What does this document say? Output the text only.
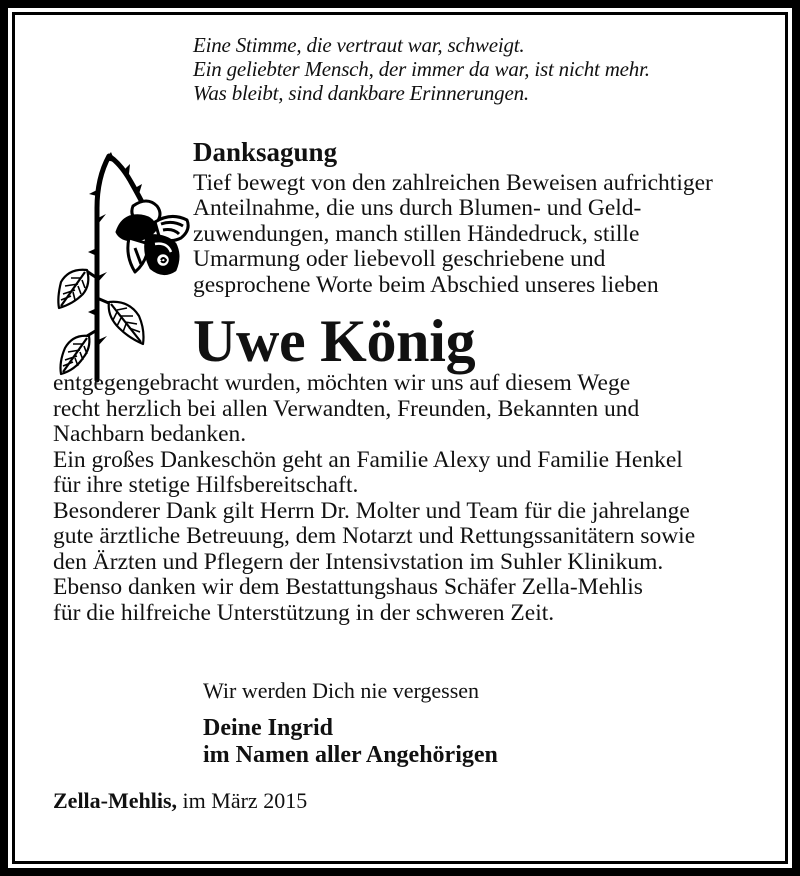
Eine Stimme, die vertraut war, schweigt.
Ein geliebter Mensch, der immer da war, ist nicht mehr.
Was bleibt, sind dankbare Erinnerungen.
Danksagung
Tief bewegt von den zahlreichen Beweisen aufrichtiger
Anteilnahme, die uns durch Blumen- und Geld-
zuwendungen, manch stillen Händedruck, stille
Umarmung oder liebevoll geschriebene und
gesprochene Worte beim Abschied unseres lieben
Uwe König
entgegengebracht wurden, möchten wir uns auf diesem Wege
recht herzlich bei allen Verwandten, Freunden, Bekannten und
Nachbarn bedanken.
Ein großes Dankeschön geht an Familie Alexy und Familie Henkel
für ihre stetige Hilfsbereitschaft.
Besonderer Dank gilt Herrn Dr. Molter und Team für die jahrelange
gute ärztliche Betreuung, dem Notarzt und Rettungssanitätern sowie
den Ärzten und Pflegern der Intensivstation im Suhler Klinikum.
Ebenso danken wir dem Bestattungshaus Schäfer Zella-Mehlis
für die hilfreiche Unterstützung in der schweren Zeit.
Wir werden Dich nie vergessen
Deine Ingrid
im Namen aller Angehörigen
Zella-Mehlis, im März 2015
